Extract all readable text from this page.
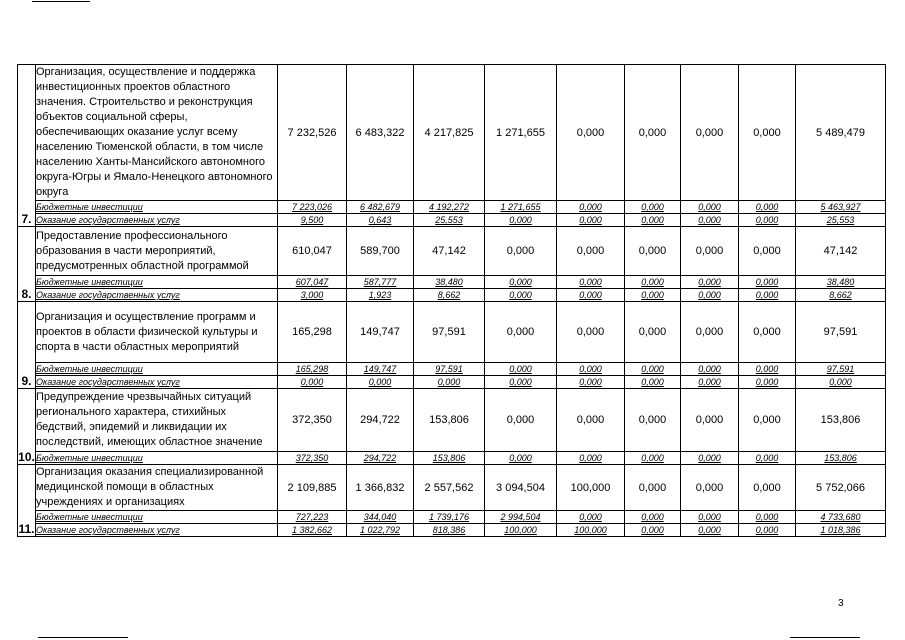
7.	Организация, осуществление и поддержка инвестиционных проектов областного значения. Строительство и реконструкция объектов социальной сферы, обеспечивающих оказание услуг всему населению Тюменской области, в том числе населению Ханты-Мансийского автономного округа-Югры и Ямало-Ненецкого автономного округа	7 232,526	6 483,322	4 217,825	1 271,655	0,000	0,000	0,000	0,000	5 489,479
	Бюджетные инвестиции	7 223,026	6 482,679	4 192,272	1 271,655	0,000	0,000	0,000	0,000	5 463,927
	Оказание государственных услуг	9,500	0,643	25,553	0,000	0,000	0,000	0,000	0,000	25,553
8.	Предоставление профессионального образования в части мероприятий, предусмотренных областной программой	610,047	589,700	47,142	0,000	0,000	0,000	0,000	0,000	47,142
	Бюджетные инвестиции	607,047	587,777	38,480	0,000	0,000	0,000	0,000	0,000	38,480
	Оказание государственных услуг	3,000	1,923	8,662	0,000	0,000	0,000	0,000	0,000	8,662
9.	Организация и осуществление программ и проектов в области физической культуры и спорта в части областных мероприятий	165,298	149,747	97,591	0,000	0,000	0,000	0,000	0,000	97,591
	Бюджетные инвестиции	165,298	149,747	97,591	0,000	0,000	0,000	0,000	0,000	97,591
	Оказание государственных услуг	0,000	0,000	0,000	0,000	0,000	0,000	0,000	0,000	0,000
10.	Предупреждение чрезвычайных ситуаций регионального характера, стихийных бедствий, эпидемий и ликвидации их последствий, имеющих областное значение	372,350	294,722	153,806	0,000	0,000	0,000	0,000	0,000	153,806
	Бюджетные инвестиции	372,350	294,722	153,806	0,000	0,000	0,000	0,000	0,000	153,806
11.	Организация оказания специализированной медицинской помощи в областных учреждениях и организациях	2 109,885	1 366,832	2 557,562	3 094,504	100,000	0,000	0,000	0,000	5 752,066
	Бюджетные инвестиции	727,223	344,040	1 739,176	2 994,504	0,000	0,000	0,000	0,000	4 733,680
	Оказание государственных услуг	1 382,662	1 022,792	818,386	100,000	100,000	0,000	0,000	0,000	1 018,386
3
